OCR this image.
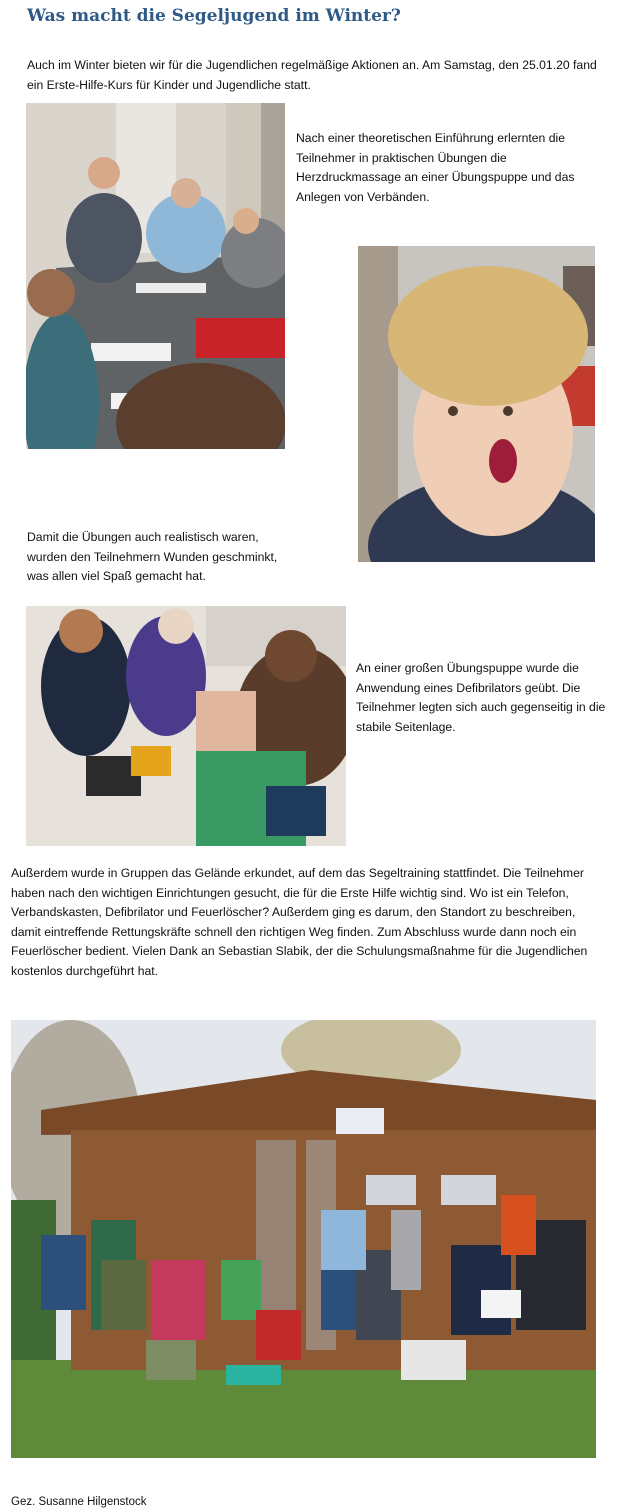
Was macht die Segeljugend im Winter?

Auch im Winter bieten wir für die Jugendlichen regelmäßige Aktionen an. Am Samstag, den 25.01.20 fand ein Erste-Hilfe-Kurs für Kinder und Jugendliche statt.

Nach einer theoretischen Einführung erlernten die Teilnehmer in praktischen Übungen die Herzdruckmassage an einer Übungspuppe und das Anlegen von Verbänden.

Damit die Übungen auch realistisch waren, wurden den Teilnehmern Wunden geschminkt, was allen viel Spaß gemacht hat.

An einer großen Übungspuppe wurde die Anwendung eines Defibrilators geübt. Die Teilnehmer legten sich auch gegenseitig in die stabile Seitenlage.

Außerdem wurde in Gruppen das Gelände erkundet, auf dem das Segeltraining stattfindet. Die Teilnehmer haben nach den wichtigen Einrichtungen gesucht, die für die Erste Hilfe wichtig sind. Wo ist ein Telefon, Verbandskasten, Defibrilator und Feuerlöscher? Außerdem ging es darum, den Standort zu beschreiben, damit eintreffende Rettungskräfte schnell den richtigen Weg finden. Zum Abschluss wurde dann noch ein Feuerlöscher bedient. Vielen Dank an Sebastian Slabik, der die Schulungsmaßnahme für die Jugendlichen kostenlos durchgeführt hat.

Gez. Susanne Hilgenstock
